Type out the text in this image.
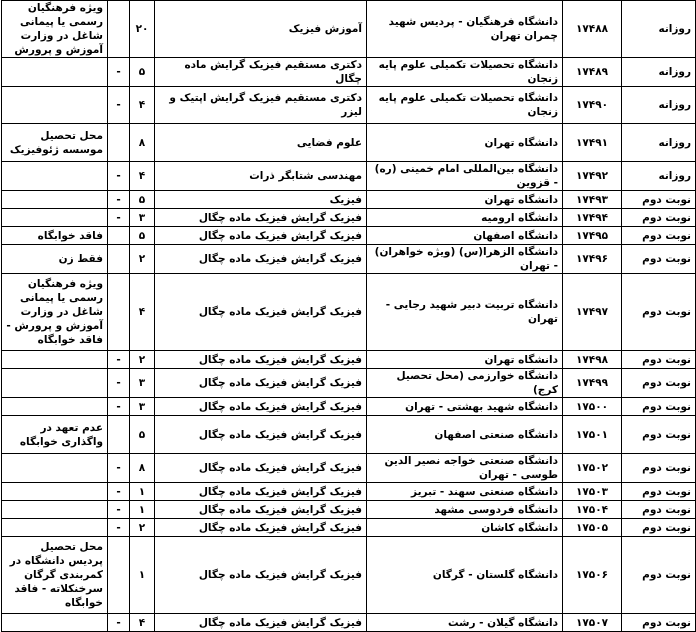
روزانه	۱۷۴۸۸	دانشگاه فرهنگیان - پردیس شهید چمران تهران	آموزش فیزیک	۲۰		ویژه فرهنگیان رسمی یا پیمانی شاغل در وزارت آموزش و پرورش
روزانه	۱۷۴۸۹	دانشگاه تحصیلات تکمیلی علوم پایه زنجان	دکتری مستقیم فیزیک گرایش ماده چگال	۵	-	
روزانه	۱۷۴۹۰	دانشگاه تحصیلات تکمیلی علوم پایه زنجان	دکتری مستقیم فیزیک گرایش اپتیک و لیزر	۴	-	
روزانه	۱۷۴۹۱	دانشگاه تهران	علوم فضایی	۸		محل تحصیل موسسه ژئوفیزیک
روزانه	۱۷۴۹۲	دانشگاه بین‌المللی امام خمینی (ره) - قزوین	مهندسی شتابگر ذرات	۴	-	
نوبت دوم	۱۷۴۹۳	دانشگاه تهران	فیزیک	۵	-	
نوبت دوم	۱۷۴۹۴	دانشگاه ارومیه	فیزیک گرایش فیزیک ماده چگال	۳	-	
نوبت دوم	۱۷۴۹۵	دانشگاه اصفهان	فیزیک گرایش فیزیک ماده چگال	۵		فاقد خوابگاه
نوبت دوم	۱۷۴۹۶	دانشگاه الزهرا(س) (ویژه خواهران) - تهران	فیزیک گرایش فیزیک ماده چگال	۲		فقط زن
نوبت دوم	۱۷۴۹۷	دانشگاه تربیت دبیر شهید رجایی - تهران	فیزیک گرایش فیزیک ماده چگال	۴		ویژه فرهنگیان رسمی یا پیمانی شاغل در وزارت آموزش و پرورش - فاقد خوابگاه
نوبت دوم	۱۷۴۹۸	دانشگاه تهران	فیزیک گرایش فیزیک ماده چگال	۲	-	
نوبت دوم	۱۷۴۹۹	دانشگاه خوارزمی (محل تحصیل کرج)	فیزیک گرایش فیزیک ماده چگال	۳	-	
نوبت دوم	۱۷۵۰۰	دانشگاه شهید بهشتی - تهران	فیزیک گرایش فیزیک ماده چگال	۳	-	
نوبت دوم	۱۷۵۰۱	دانشگاه صنعتی اصفهان	فیزیک گرایش فیزیک ماده چگال	۵		عدم تعهد در واگذاری خوابگاه
نوبت دوم	۱۷۵۰۲	دانشگاه صنعتی خواجه نصیر الدین طوسی - تهران	فیزیک گرایش فیزیک ماده چگال	۸	-	
نوبت دوم	۱۷۵۰۳	دانشگاه صنعتی سهند - تبریز	فیزیک گرایش فیزیک ماده چگال	۱	-	
نوبت دوم	۱۷۵۰۴	دانشگاه فردوسی مشهد	فیزیک گرایش فیزیک ماده چگال	۱	-	
نوبت دوم	۱۷۵۰۵	دانشگاه کاشان	فیزیک گرایش فیزیک ماده چگال	۲	-	
نوبت دوم	۱۷۵۰۶	دانشگاه گلستان - گرگان	فیزیک گرایش فیزیک ماده چگال	۱		محل تحصیل پردیس دانشگاه در کمربندی گرگان سرخنکلاته - فاقد خوابگاه
نوبت دوم	۱۷۵۰۷	دانشگاه گیلان - رشت	فیزیک گرایش فیزیک ماده چگال	۴	-	
